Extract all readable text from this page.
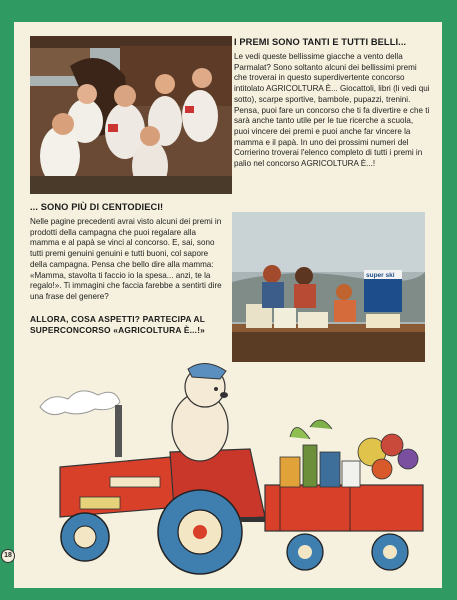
I PREMI SONO TANTI E TUTTI BELLI...

Le vedi queste bellissime giacche a vento della Parmalat? Sono soltanto alcuni dei bellissimi premi che troverai in questo superdivertente concorso intitolato AGRICOLTURA È... Giocattoli, libri (li vedi qui sotto), scarpe sportive, bambole, pupazzi, trenini. Pensa, puoi fare un concorso che ti fa divertire e che ti sarà anche tanto utile per le tue ricerche a scuola, puoi vincere dei premi e puoi anche far vincere la mamma e il papà. In uno dei prossimi numeri del Corrierino troverai l'elenco completo di tutti i premi in palio nel concorso AGRICOLTURA È...!

... SONO PIÙ DI CENTODIECI!

Nelle pagine precedenti avrai visto alcuni dei premi in prodotti della campagna che puoi regalare alla mamma e al papà se vinci al concorso. E, sai, sono tutti premi genuini genuini e tutti buoni, col sapore della campagna. Pensa che bello dire alla mamma: «Mamma, stavolta ti faccio io la spesa... anzi, te la regalo!». Ti immagini che faccia farebbe a sentirti dire una frase del genere?

ALLORA, COSA ASPETTI? PARTECIPA AL SUPERCONCORSO «AGRICOLTURA È...!»

super ski
18
